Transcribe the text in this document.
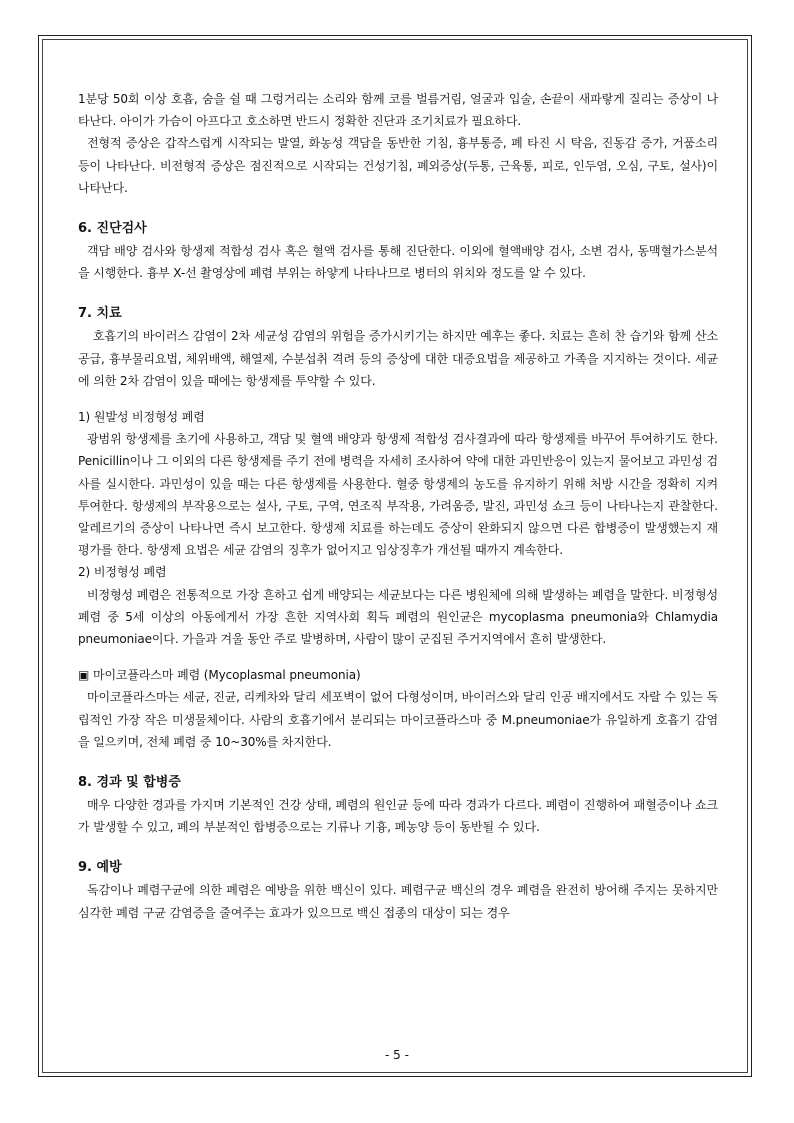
1분당 50회 이상 호흡, 숨을 쉴 때 그렁거리는 소리와 함께 코를 벌름거림, 얼굴과 입술, 손끝이 새파랗게 질리는 증상이 나타난다. 아이가 가슴이 아프다고 호소하면 반드시 정확한 진단과 조기치료가 필요하다.

전형적 증상은 갑작스럽게 시작되는 발열, 화농성 객담을 동반한 기침, 흉부통증, 폐 타진 시 탁음, 진동감 증가, 거품소리 등이 나타난다. 비전형적 증상은 점진적으로 시작되는 건성기침, 폐외증상(두통, 근육통, 피로, 인두염, 오심, 구토, 설사)이 나타난다.

6. 진단검사

객담 배양 검사와 항생제 적합성 검사 혹은 혈액 검사를 통해 진단한다. 이외에 혈액배양 검사, 소변 검사, 동맥혈가스분석을 시행한다. 흉부 X-선 촬영상에 폐렴 부위는 하얗게 나타나므로 병터의 위치와 정도를 알 수 있다.

7. 치료

호흡기의 바이러스 감염이 2차 세균성 감염의 위험을 증가시키기는 하지만 예후는 좋다. 치료는 흔히 찬 습기와 함께 산소공급, 흉부물리요법, 체위배액, 해열제, 수분섭취 격려 등의 증상에 대한 대증요법을 제공하고 가족을 지지하는 것이다. 세균에 의한 2차 감염이 있을 때에는 항생제를 투약할 수 있다.

1) 원발성 비정형성 폐렴

광범위 항생제를 초기에 사용하고, 객담 및 혈액 배양과 항생제 적합성 검사결과에 따라 항생제를 바꾸어 투여하기도 한다. Penicillin이나 그 이외의 다른 항생제를 주기 전에 병력을 자세히 조사하여 약에 대한 과민반응이 있는지 물어보고 과민성 검사를 실시한다. 과민성이 있을 때는 다른 항생제를 사용한다. 혈중 항생제의 농도를 유지하기 위해 처방 시간을 정확히 지켜 투여한다. 항생제의 부작용으로는 설사, 구토, 구역, 연조직 부작용, 가려움증, 발진, 과민성 쇼크 등이 나타나는지 관찰한다. 알레르기의 증상이 나타나면 즉시 보고한다. 항생제 치료를 하는데도 증상이 완화되지 않으면 다른 합병증이 발생했는지 재평가를 한다. 항생제 요법은 세균 감염의 징후가 없어지고 임상징후가 개선될 때까지 계속한다.

2) 비정형성 폐렴

비정형성 폐렴은 전통적으로 가장 흔하고 쉽게 배양되는 세균보다는 다른 병원체에 의해 발생하는 폐렴을 말한다. 비정형성 폐렴 중 5세 이상의 아동에게서 가장 흔한 지역사회 획득 폐렴의 원인균은 mycoplasma pneumonia와 Chlamydia pneumoniae이다. 가을과 겨울 동안 주로 발병하며, 사람이 많이 군집된 주거지역에서 흔히 발생한다.

▣ 마이코플라스마 폐렴 (Mycoplasmal pneumonia)

마이코플라스마는 세균, 진균, 리케차와 달리 세포벽이 없어 다형성이며, 바이러스와 달리 인공 배지에서도 자랄 수 있는 독립적인 가장 작은 미생물체이다. 사람의 호흡기에서 분리되는 마이코플라스마 중 M.pneumoniae가 유일하게 호흡기 감염을 일으키며, 전체 폐렴 중 10~30%를 차지한다.

8. 경과 및 합병증

매우 다양한 경과를 가지며 기본적인 건강 상태, 폐렴의 원인균 등에 따라 경과가 다르다. 폐렴이 진행하여 패혈증이나 쇼크가 발생할 수 있고, 폐의 부분적인 합병증으로는 기류나 기흉, 폐농양 등이 동반될 수 있다.

9. 예방

독감이나 폐렴구균에 의한 폐렴은 예방을 위한 백신이 있다. 폐렴구균 백신의 경우 폐렴을 완전히 방어해 주지는 못하지만 심각한 폐렴 구균 감염증을 줄여주는 효과가 있으므로 백신 접종의 대상이 되는 경우

- 5 -
